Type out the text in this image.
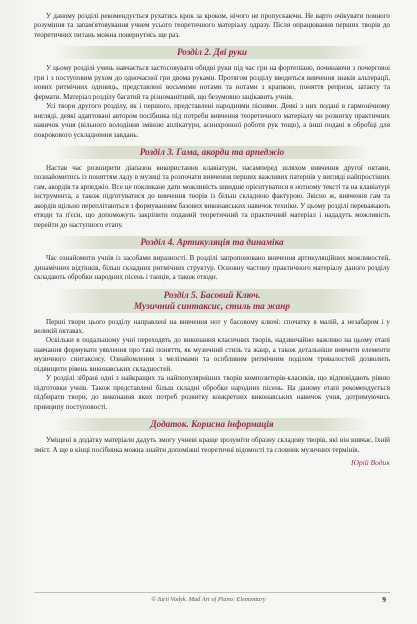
У даному розділі рекомендується рухатись крок за кроком, нічого не пропускаючи. Не варто очікувати повного розуміння та запам'ятовування учнем усього теоретичного матеріалу одразу. Після опрацювання перших творів до теоретичних питань можна повернутись ще раз.

Розділ 2. Дві руки

У цьому розділі учень навчається застосовувати обидві руки під час гри на фортепіано, починаючи з почерговоі гри і з поступовим рухом до одночасної гри двома руками. Протягом розділу вводиться вивчення знаків альтерації, нових ритмічних одиниць, представлені восьмими нотами та нотами з крапкою, поняття репризи, затакту та фермати. Матеріал розділу багатий та різноманітний, що безумовно зацікавить учнів.

Усі твори другого розділу, як і першого, представлені народними піснями. Деякі з них подані в гармонічному вигляді, деякі адаптовані автором посібника під потреби вивчення теоретичного матеріалу чи розвитку практичних навичок учня (вільного володіння зміною аплікатури, асинхронної роботи рук тощо), а інші подані в обробці для покрокового ускладнення завдань.

Розділ 3. Гама, акорди та арпеджіо

Настав час розширити діапазон використання клавіатури, насамперед шляхом вивчення другої октави, познайомитись із поняттям ладу в музиці та розпочати вивчення перших важливих патернів у вигляді найпростіших гам, акордів та арпеджіо. Все це покликане дати можливість швидше орієнтуватися в нотному тексті та на клавіатурі інструмента, а також підготуватися до вивчення творів із більш складною фактурою. Звісно ж, вивчення гам та акордів щільно переплітаються з формуванням базових виконавських навичок техніки. У цьому розділі переважають етюди та п'єси, що допоможуть закріпити поданий теоретичний та практичний матеріал і нададуть можливість перейти до наступного етапу.

Розділ 4. Артикуляція та динаміка

Час ознайомити учнів із засобами виразності. В розділі запропоновано вивчення артикуляційних можливостей, динамічних відтінків, більш складних ритмічних структур. Основну частину практичного матеріалу даного розділу складають обробки народних пісень і танців, а також етюди.

Розділ 5. Басовий Ключ.
Музичний синтаксис, стиль та жанр

Перші твори цього розділу направлені на вивчення нот у басовому ключі: спочатку в малій, а незабаром і у великій октавах.

Оскільки в подальшому учні переходять до виконання класичних творів, надзвичайно важливо на цьому етапі навчання формувати уявлення про такі поняття, як музичний стиль та жанр, а також детальніше вивчити елементи музичного синтаксису. Ознайомлення з мелізмами та особливим ритмічним поділом тривалостей дозволить підвищити рівень виконавських складностей.

У розділі зібрані одні з найкращих та найпопулярніших творів композиторів-класиків, що відповідають рівню підготовки учнів. Також представлені більш складні обробки народних пісень. На даному етапі рекомендується підбирати твори, до виконання яких потреб розвитку конкретних виконавських навичок учня, дотримуючись принципу поступовості.

Додаток. Корисна інформація

Уміщені в додатку матеріали дадуть змогу учневі краще зрозуміти образну складову творів, які він вивчає, їхній зміст. А ще в кінці посібника можна знайти допоміжні теоретичні відомості та словник музичних термінів.

Юрій Водик
© Iurii Vodyk. Mad Art of Piano: Elementary	9
